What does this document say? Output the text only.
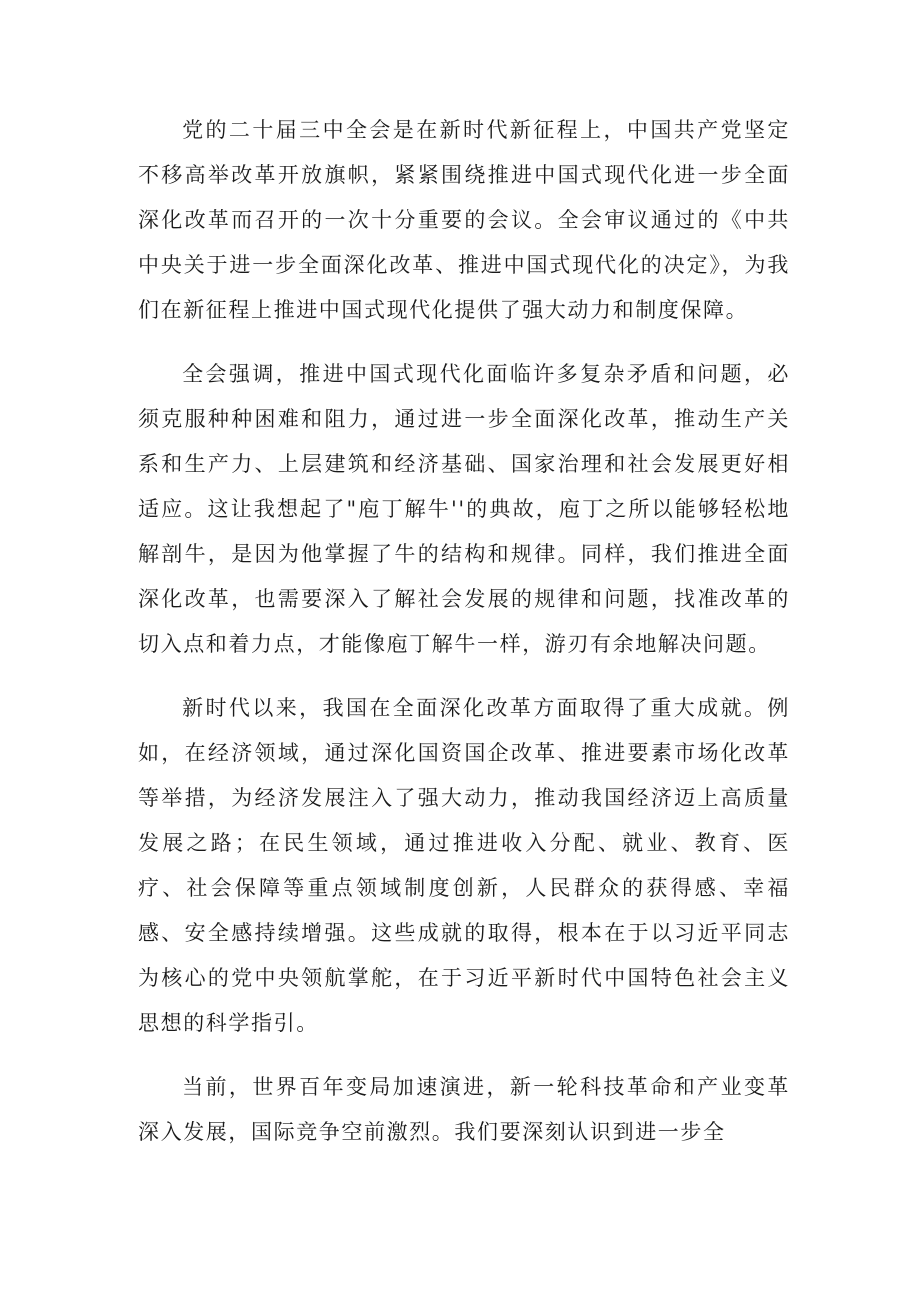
党的二十届三中全会是在新时代新征程上，中国共产党坚定不移高举改革开放旗帜，紧紧围绕推进中国式现代化进一步全面深化改革而召开的一次十分重要的会议。全会审议通过的《中共中央关于进一步全面深化改革、推进中国式现代化的决定》，为我们在新征程上推进中国式现代化提供了强大动力和制度保障。

全会强调，推进中国式现代化面临许多复杂矛盾和问题，必须克服种种困难和阻力，通过进一步全面深化改革，推动生产关系和生产力、上层建筑和经济基础、国家治理和社会发展更好相适应。这让我想起了"庖丁解牛''的典故，庖丁之所以能够轻松地解剖牛，是因为他掌握了牛的结构和规律。同样，我们推进全面深化改革，也需要深入了解社会发展的规律和问题，找准改革的切入点和着力点，才能像庖丁解牛一样，游刃有余地解决问题。

新时代以来，我国在全面深化改革方面取得了重大成就。例如，在经济领域，通过深化国资国企改革、推进要素市场化改革等举措，为经济发展注入了强大动力，推动我国经济迈上高质量发展之路；在民生领域，通过推进收入分配、就业、教育、医疗、社会保障等重点领域制度创新，人民群众的获得感、幸福感、安全感持续增强。这些成就的取得，根本在于以习近平同志为核心的党中央领航掌舵，在于习近平新时代中国特色社会主义思想的科学指引。

当前，世界百年变局加速演进，新一轮科技革命和产业变革深入发展，国际竞争空前激烈。我们要深刻认识到进一步全
